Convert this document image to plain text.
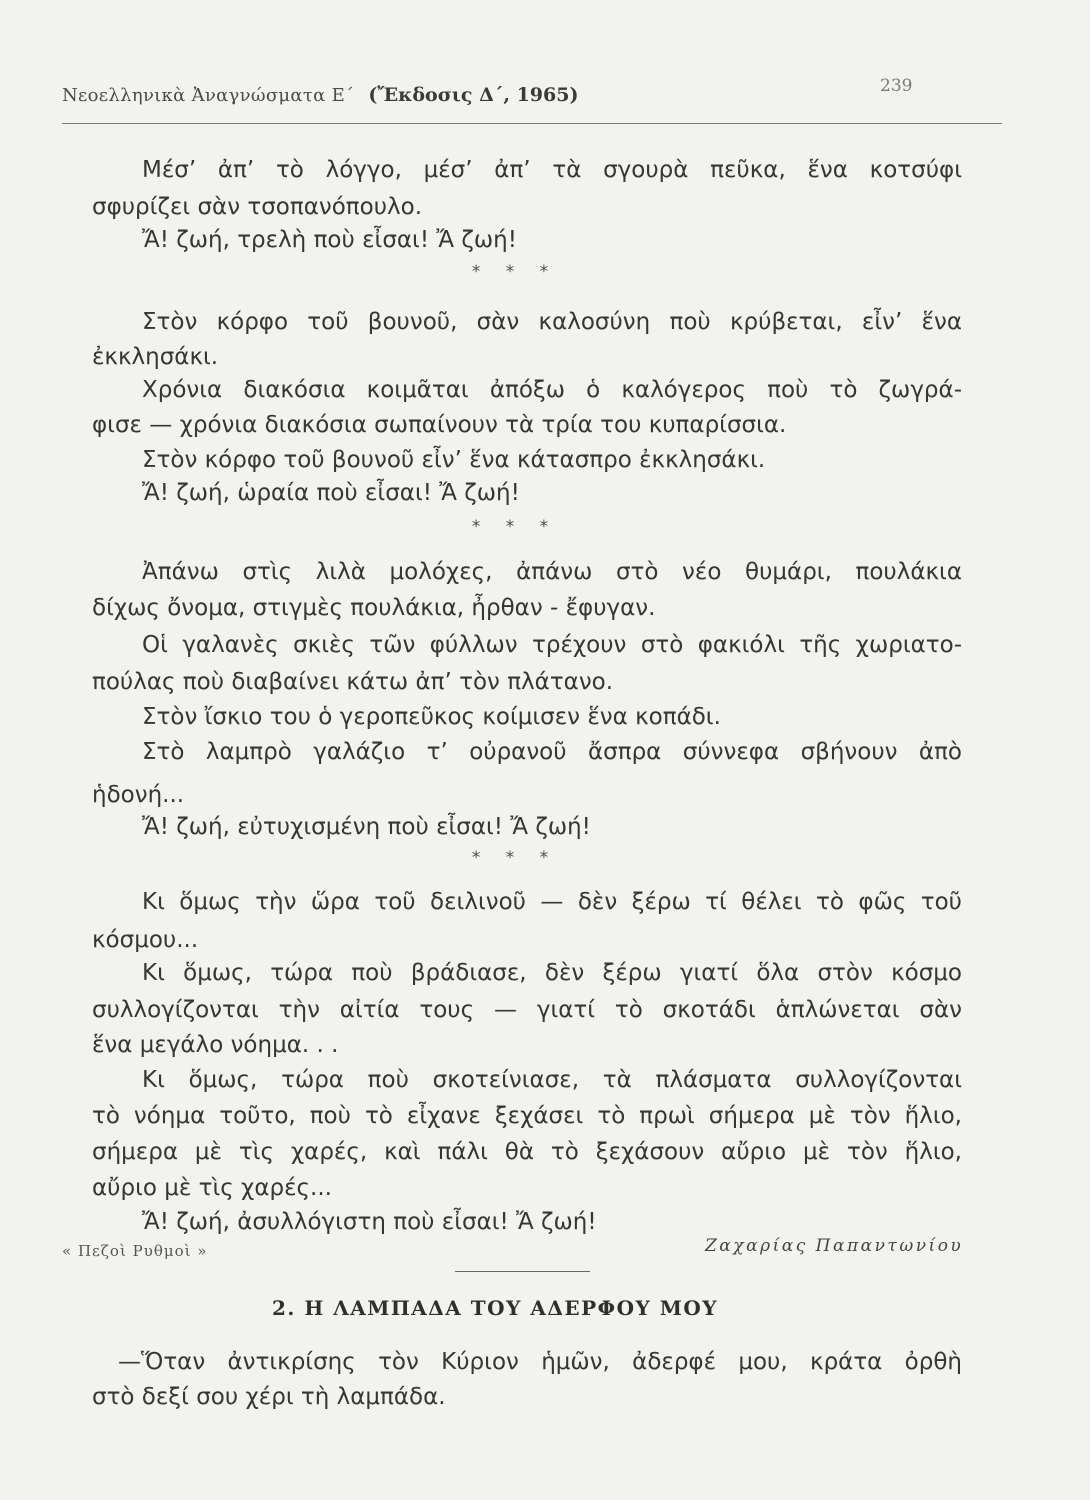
Νεοελληνικὰ Ἀναγνώσματα Ε΄ (Ἔκδοσις Δ΄, 1965)	239
Μέσ’ ἀπ’ τὸ λόγγο, μέσ’ ἀπ’ τὰ σγουρὰ πεῦκα, ἕνα κοτσύφι
σφυρίζει σὰν τσοπανόπουλο.
Ἄ! ζωή, τρελὴ ποὺ εἶσαι! Ἄ ζωή!
* * *
Στὸν κόρφο τοῦ βουνοῦ, σὰν καλοσύνη ποὺ κρύβεται, εἶν’ ἕνα
ἐκκλησάκι.
Χρόνια διακόσια κοιμᾶται ἀπόξω ὁ καλόγερος ποὺ τὸ ζωγρά-
φισε — χρόνια διακόσια σωπαίνουν τὰ τρία του κυπαρίσσια.
Στὸν κόρφο τοῦ βουνοῦ εἶν’ ἕνα κάτασπρο ἐκκλησάκι.
Ἄ! ζωή, ὡραία ποὺ εἶσαι! Ἄ ζωή!
* * *
Ἀπάνω στὶς λιλὰ μολόχες, ἀπάνω στὸ νέο θυμάρι, πουλάκια
δίχως ὄνομα, στιγμὲς πουλάκια, ἦρθαν - ἔφυγαν.
Οἱ γαλανὲς σκιὲς τῶν φύλλων τρέχουν στὸ φακιόλι τῆς χωριατο-
πούλας ποὺ διαβαίνει κάτω ἀπ’ τὸν πλάτανο.
Στὸν ἴσκιο του ὁ γεροπεῦκος κοίμισεν ἕνα κοπάδι.
Στὸ λαμπρὸ γαλάζιο τ’ οὐρανοῦ ἄσπρα σύννεφα σβήνουν ἀπὸ
ἡδονή...
Ἄ! ζωή, εὐτυχισμένη ποὺ εἶσαι! Ἄ ζωή!
* * *
Κι ὅμως τὴν ὥρα τοῦ δειλινοῦ — δὲν ξέρω τί θέλει τὸ φῶς τοῦ
κόσμου...
Κι ὅμως, τώρα ποὺ βράδιασε, δὲν ξέρω γιατί ὅλα στὸν κόσμο
συλλογίζονται τὴν αἰτία τους — γιατί τὸ σκοτάδι ἁπλώνεται σὰν
ἕνα μεγάλο νόημα. . .
Κι ὅμως, τώρα ποὺ σκοτείνιασε, τὰ πλάσματα συλλογίζονται
τὸ νόημα τοῦτο, ποὺ τὸ εἶχανε ξεχάσει τὸ πρωὶ σήμερα μὲ τὸν ἥλιο,
σήμερα μὲ τὶς χαρές, καὶ πάλι θὰ τὸ ξεχάσουν αὔριο μὲ τὸν ἥλιο,
αὔριο μὲ τὶς χαρές...
Ἄ! ζωή, ἀσυλλόγιστη ποὺ εἶσαι! Ἄ ζωή!
« Πεζοὶ Ρυθμοὶ »	Ζαχαρίας Παπαντωνίου
2. Η ΛΑΜΠΑΔΑ ΤΟΥ ΑΔΕΡΦΟΥ ΜΟΥ
—Ὅταν ἀντικρίσης τὸν Κύριον ἡμῶν, ἀδερφέ μου, κράτα ὀρθὴ
στὸ δεξί σου χέρι τὴ λαμπάδα.
